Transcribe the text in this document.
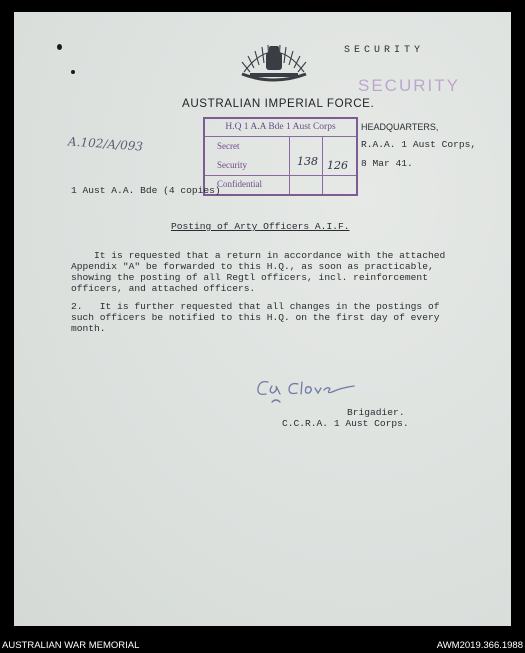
SECURITY
SECURITY
AUSTRALIAN IMPERIAL FORCE.
A.102/A/093
H.Q 1 A.A Bde 1 Aust Corps
Secret
Security
Confidential
138 126
HEADQUARTERS,
R.A.A. 1 Aust Corps,
8 Mar 41.
1 Aust A.A. Bde (4 copies)
Posting of Arty Officers A.I.F.
It is requested that a return in accordance with the attached
Appendix "A" be forwarded to this H.Q., as soon as practicable,
showing the posting of all Regtl officers, incl. reinforcement
officers, and attached officers.
2.   It is further requested that all changes in the postings of
such officers be notified to this H.Q. on the first day of every
month.
Brigadier.
C.C.R.A. 1 Aust Corps.
AUSTRALIAN WAR MEMORIAL	AWM2019.366.1988
